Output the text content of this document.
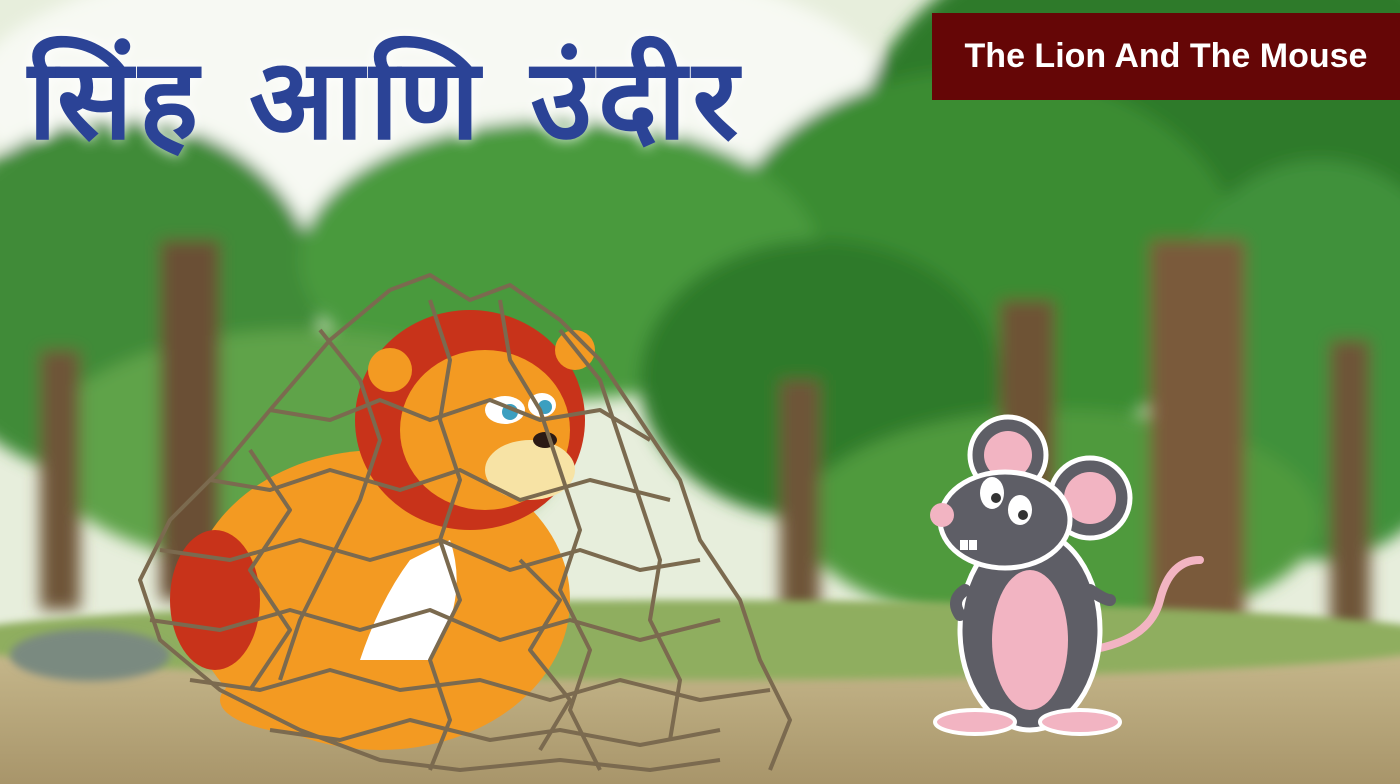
सिंह आणि उंदीर	The Lion And The Mouse
